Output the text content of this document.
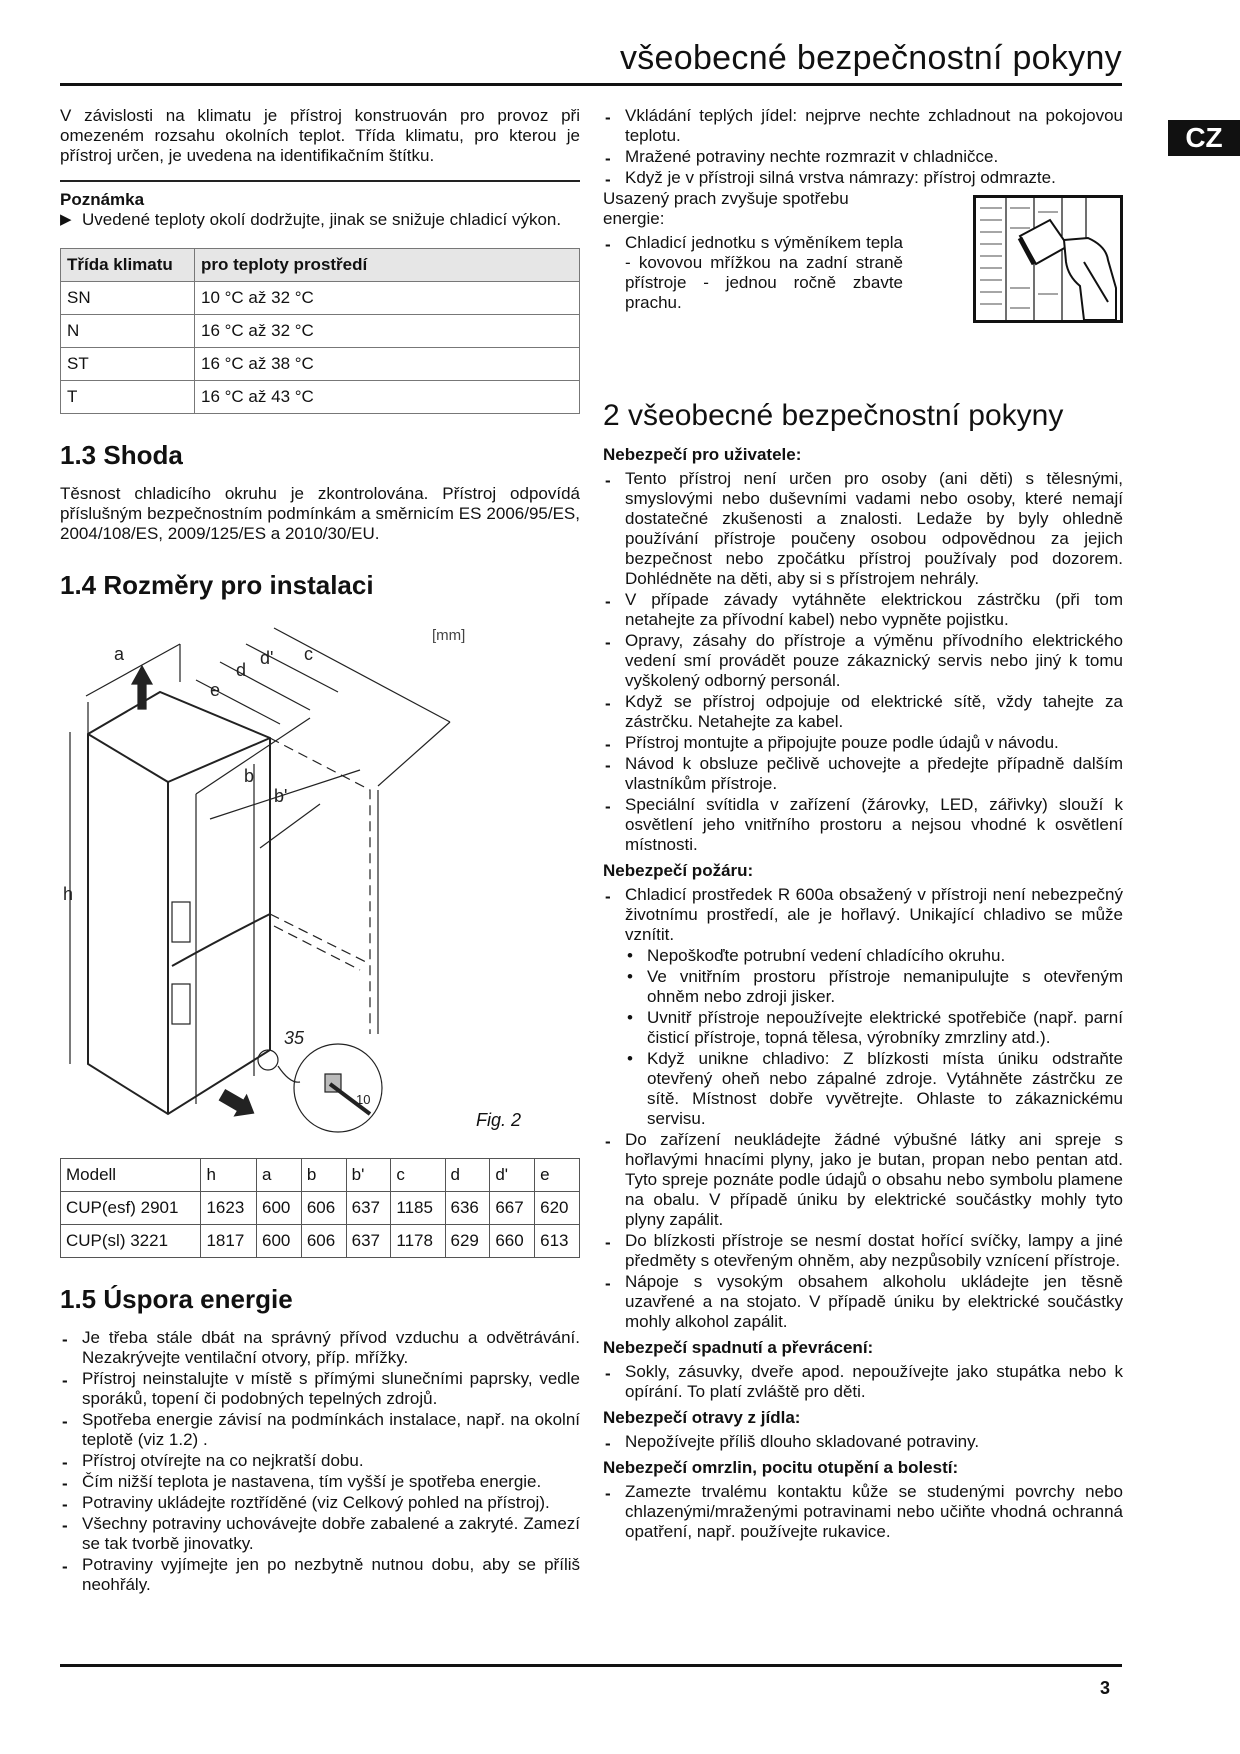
všeobecné bezpečnostní pokyny
CZ

V závislosti na klimatu je přístroj konstruován pro provoz při omezeném rozsahu okolních teplot. Třída klimatu, pro kterou je přístroj určen, je uvedena na identifikačním štítku.

Poznámka
▶ Uvedené teploty okolí dodržujte, jinak se snižuje chladicí výkon.
Třída klimatu	pro teploty prostředí
SN	10 °C až 32 °C
N	16 °C až 32 °C
ST	16 °C až 38 °C
T	16 °C až 43 °C
1.3 Shoda

Těsnost chladicího okruhu je zkontrolována. Přístroj odpovídá příslušným bezpečnostním podmínkám a směrnicím ES 2006/95/ES, 2004/108/ES, 2009/125/ES a 2010/30/EU.

1.4 Rozměry pro instalaci
a
h
e
d
d' c
b
b'
35
10
[mm]
Fig. 2
Modell	h	a	b	b'	c	d	d'	e
CUP(esf) 2901	1623	600	606	637	1185	636	667	620
CUP(sl) 3221	1817	600	606	637	1178	629	660	613
1.5 Úspora energie
- Je třeba stále dbát na správný přívod vzduchu a odvětrávání. Nezakrývejte ventilační otvory, příp. mřížky.
- Přístroj neinstalujte v místě s přímými slunečními paprsky, vedle sporáků, topení či podobných tepelných zdrojů.
- Spotřeba energie závisí na podmínkách instalace, např. na okolní teplotě (viz 1.2) .
- Přístroj otvírejte na co nejkratší dobu.
- Čím nižší teplota je nastavena, tím vyšší je spotřeba energie.
- Potraviny ukládejte roztříděné (viz Celkový pohled na přístroj).
- Všechny potraviny uchovávejte dobře zabalené a zakryté. Zamezí se tak tvorbě jinovatky.
- Potraviny vyjímejte jen po nezbytně nutnou dobu, aby se příliš neohřály.
- Vkládání teplých jídel: nejprve nechte zchladnout na pokojovou teplotu.
- Mražené potraviny nechte rozmrazit v chladničce.
- Když je v přístroji silná vrstva námrazy: přístroj odmrazte.

Usazený prach zvyšuje spotřebu energie:

- Chladicí jednotku s výměníkem tepla - kovovou mřížkou na zadní straně přístroje - jednou ročně zbavte prachu.
2 všeobecné bezpečnostní pokyny
Nebezpečí pro uživatele:
- Tento přístroj není určen pro osoby (ani děti) s tělesnými, smyslovými nebo duševními vadami nebo osoby, které nemají dostatečné zkušenosti a znalosti. Ledaže by byly ohledně používání přístroje poučeny osobou odpovědnou za jejich bezpečnost nebo zpočátku přístroj používaly pod dozorem. Dohlédněte na děti, aby si s přístrojem nehrály.
- V případe závady vytáhněte elektrickou zástrčku (při tom netahejte za přívodní kabel) nebo vypněte pojistku.
- Opravy, zásahy do přístroje a výměnu přívodního elektrického vedení smí provádět pouze zákaznický servis nebo jiný k tomu vyškolený odborný personál.
- Když se přístroj odpojuje od elektrické sítě, vždy tahejte za zástrčku. Netahejte za kabel.
- Přístroj montujte a připojujte pouze podle údajů v návodu.
- Návod k obsluze pečlivě uchovejte a předejte případně dalším vlastníkům přístroje.
- Speciální svítidla v zařízení (žárovky, LED, zářivky) slouží k osvětlení jeho vnitřního prostoru a nejsou vhodné k osvětlení místnosti.
Nebezpečí požáru:
- Chladicí prostředek R 600a obsažený v přístroji není nebezpečný životnímu prostředí, ale je hořlavý. Unikající chladivo se může vznítit.
• Nepoškoďte potrubní vedení chladícího okruhu.
• Ve vnitřním prostoru přístroje nemanipulujte s otevřeným ohněm nebo zdroji jisker.
• Uvnitř přístroje nepoužívejte elektrické spotřebiče (např. parní čisticí přístroje, topná tělesa, výrobníky zmrzliny atd.).
• Když unikne chladivo: Z blízkosti místa úniku odstraňte otevřený oheň nebo zápalné zdroje. Vytáhněte zástrčku ze sítě. Místnost dobře vyvětrejte. Ohlaste to zákaznickému servisu.
- Do zařízení neukládejte žádné výbušné látky ani spreje s hořlavými hnacími plyny, jako je butan, propan nebo pentan atd. Tyto spreje poznáte podle údajů o obsahu nebo symbolu plamene na obalu. V případě úniku by elektrické součástky mohly tyto plyny zapálit.
- Do blízkosti přístroje se nesmí dostat hořící svíčky, lampy a jiné předměty s otevřeným ohněm, aby nezpůsobily vznícení přístroje.
- Nápoje s vysokým obsahem alkoholu ukládejte jen těsně uzavřené a na stojato. V případě úniku by elektrické součástky mohly alkohol zapálit.
Nebezpečí spadnutí a převrácení:
- Sokly, zásuvky, dveře apod. nepoužívejte jako stupátka nebo k opírání. To platí zvláště pro děti.
Nebezpečí otravy z jídla:
- Nepožívejte příliš dlouho skladované potraviny.
Nebezpečí omrzlin, pocitu otupění a bolestí:
- Zamezte trvalému kontaktu kůže se studenými povrchy nebo chlazenými/mraženými potravinami nebo učiňte vhodná ochranná opatření, např. používejte rukavice.
3
